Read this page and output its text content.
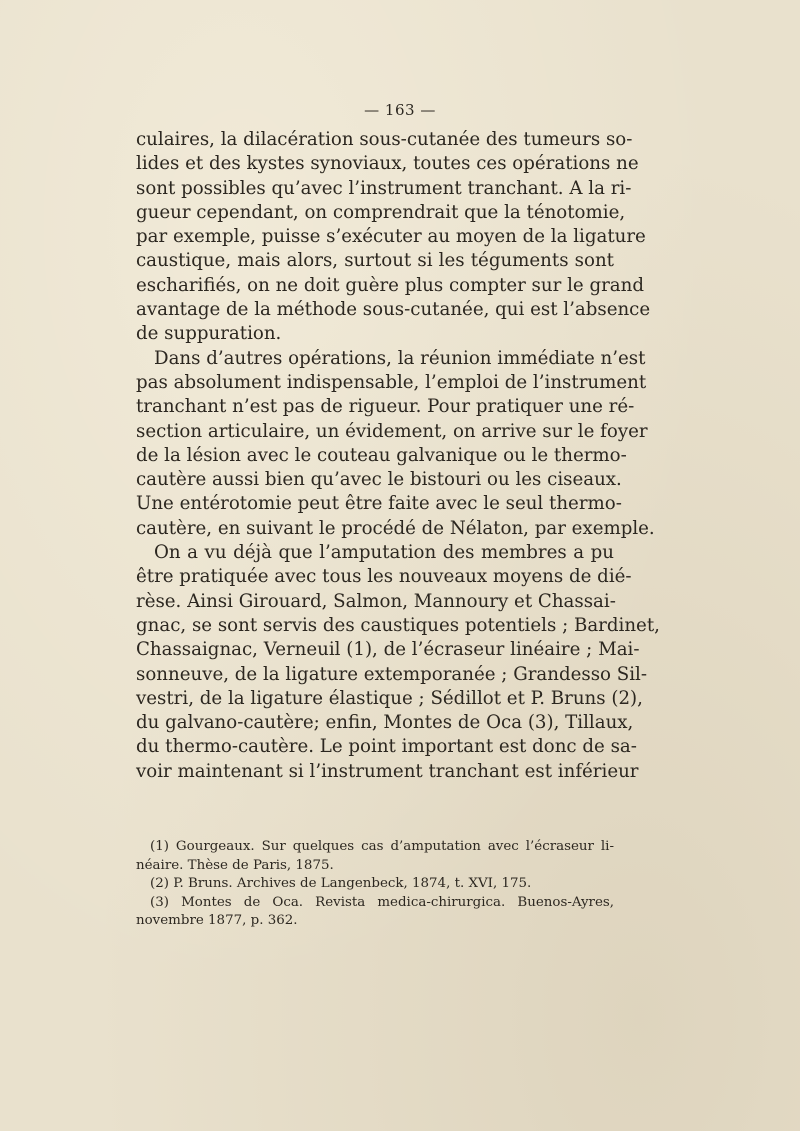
— 163 —
culaires, la dilacération sous-cutanée des tumeurs so-
lides et des kystes synoviaux, toutes ces opérations ne
sont possibles qu’avec l’instrument tranchant. A la ri-
gueur cependant, on comprendrait que la ténotomie,
par exemple, puisse s’exécuter au moyen de la ligature
caustique, mais alors, surtout si les téguments sont
escharifiés, on ne doit guère plus compter sur le grand
avantage de la méthode sous-cutanée, qui est l’absence
de suppuration.
Dans d’autres opérations, la réunion immédiate n’est
pas absolument indispensable, l’emploi de l’instrument
tranchant n’est pas de rigueur. Pour pratiquer une ré-
section articulaire, un évidement, on arrive sur le foyer
de la lésion avec le couteau galvanique ou le thermo-
cautère aussi bien qu’avec le bistouri ou les ciseaux.
Une entérotomie peut être faite avec le seul thermo-
cautère, en suivant le procédé de Nélaton, par exemple.
On a vu déjà que l’amputation des membres a pu
être pratiquée avec tous les nouveaux moyens de dié-
rèse. Ainsi Girouard, Salmon, Mannoury et Chassai-
gnac, se sont servis des caustiques potentiels ; Bardinet,
Chassaignac, Verneuil (1), de l’écraseur linéaire ; Mai-
sonneuve, de la ligature extemporanée ; Grandesso Sil-
vestri, de la ligature élastique ; Sédillot et P. Bruns (2),
du galvano-cautère; enfin, Montes de Oca (3), Tillaux,
du thermo-cautère. Le point important est donc de sa-
voir maintenant si l’instrument tranchant est inférieur
(1) Gourgeaux. Sur quelques cas d’amputation avec l’écraseur li-
néaire. Thèse de Paris, 1875.
(2) P. Bruns. Archives de Langenbeck, 1874, t. XVI, 175.
(3) Montes de Oca. Revista medica-chirurgica. Buenos-Ayres,
novembre 1877, p. 362.
